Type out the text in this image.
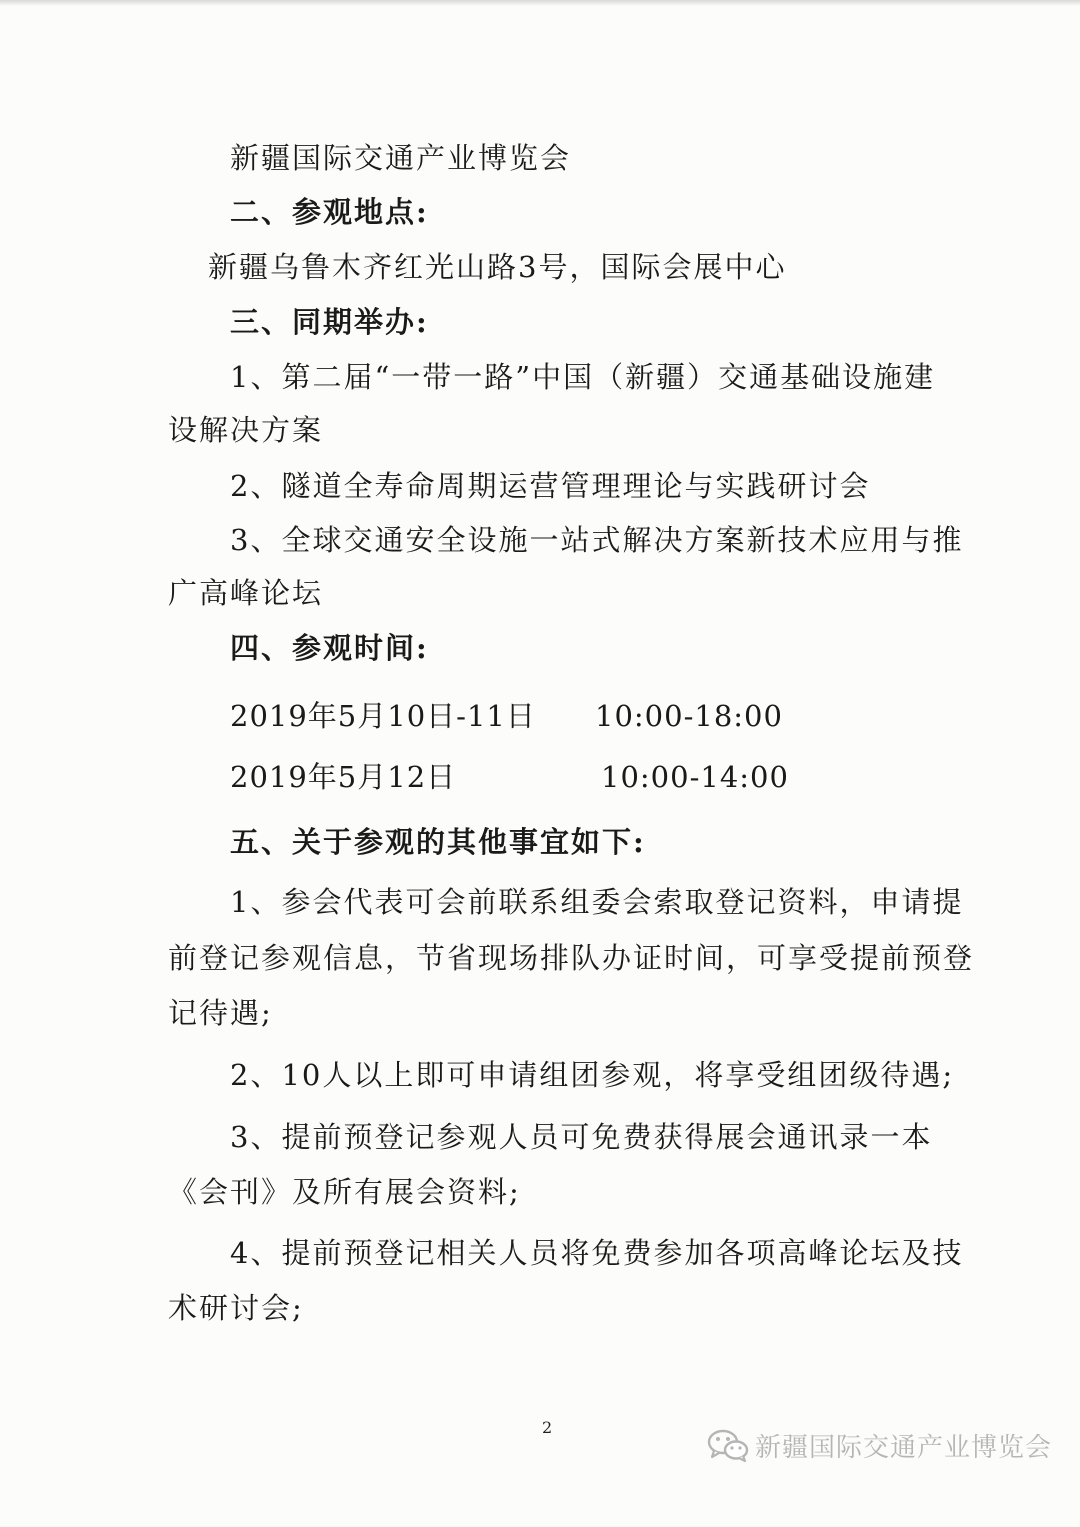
新疆国际交通产业博览会
二、参观地点:
新疆乌鲁木齐红光山路3号，国际会展中心
三、同期举办:
1、第二届“一带一路”中国（新疆）交通基础设施建
设解决方案
2、隧道全寿命周期运营管理理论与实践研讨会
3、全球交通安全设施一站式解决方案新技术应用与推
广高峰论坛
四、参观时间:
2019年5月10日-11日 10:00-18:00
2019年5月12日	10:00-14:00
五、关于参观的其他事宜如下:
1、参会代表可会前联系组委会索取登记资料，申请提
前登记参观信息，节省现场排队办证时间，可享受提前预登
记待遇;
2、10人以上即可申请组团参观，将享受组团级待遇;
3、提前预登记参观人员可免费获得展会通讯录一本
《会刊》及所有展会资料;
4、提前预登记相关人员将免费参加各项高峰论坛及技
术研讨会;
2
新疆国际交通产业博览会
